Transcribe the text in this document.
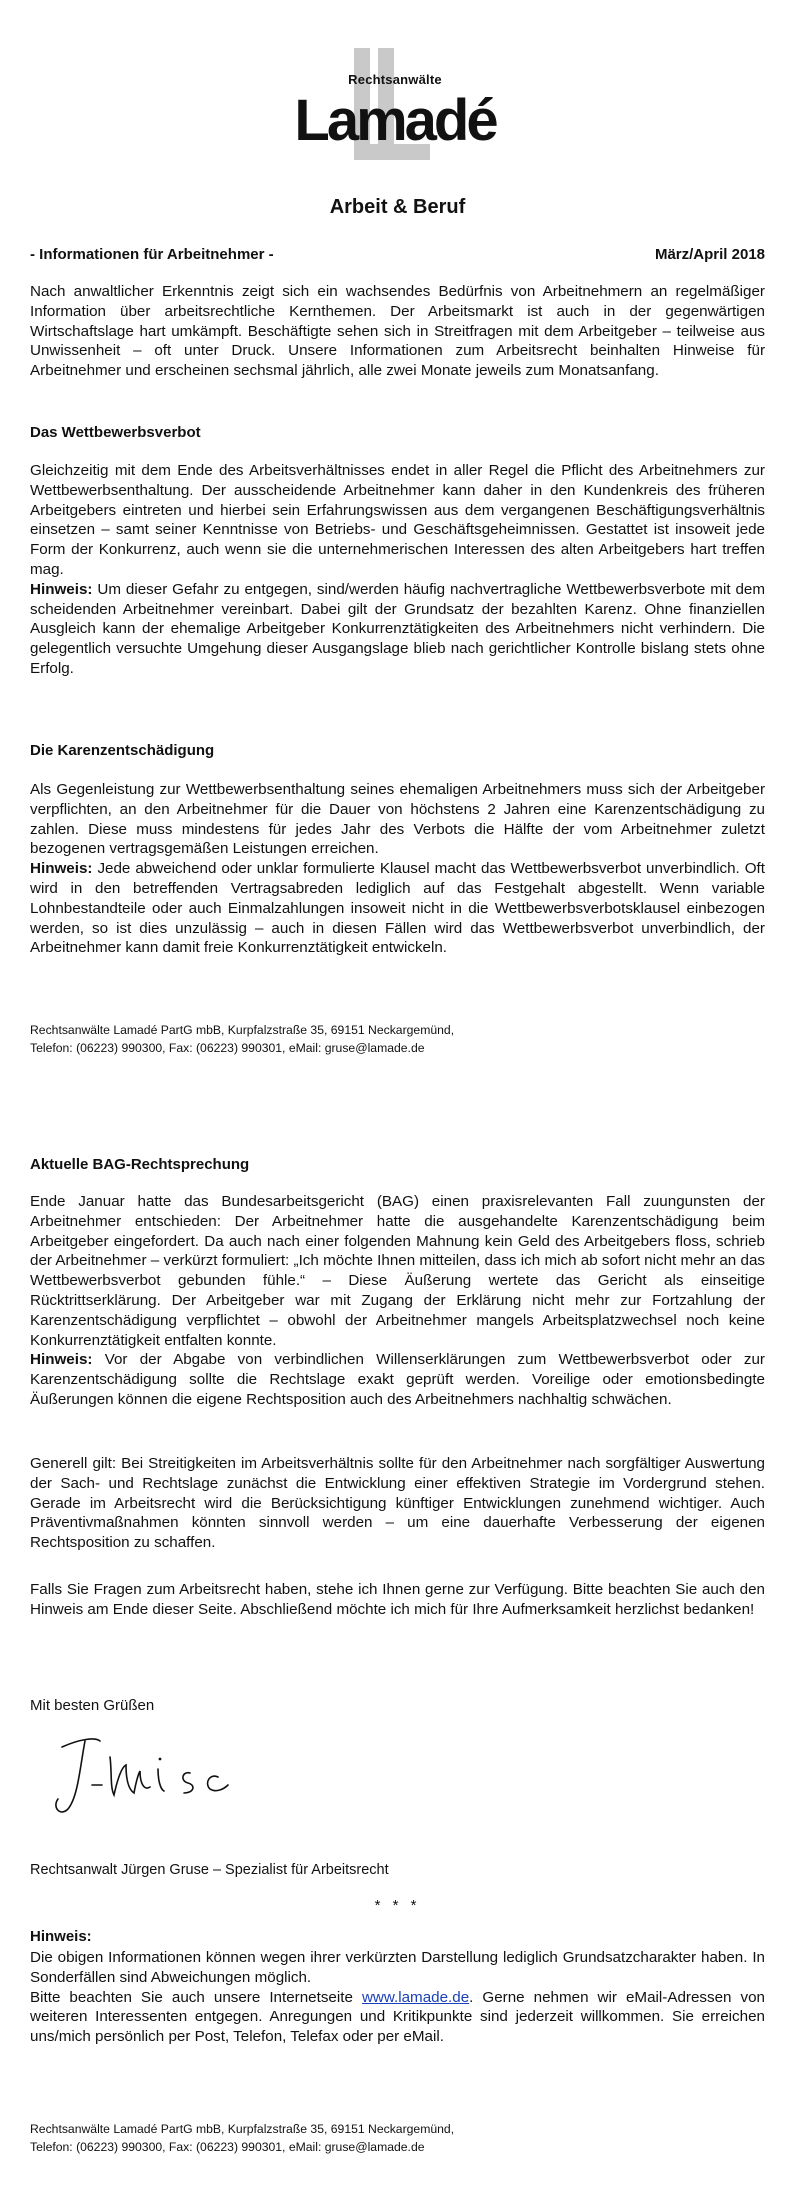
Rechtsanwälte
Lamadé
Arbeit & Beruf
- Informationen für Arbeitnehmer -	März/April 2018

Nach anwaltlicher Erkenntnis zeigt sich ein wachsendes Bedürfnis von Arbeitnehmern an regelmäßiger Information über arbeitsrechtliche Kernthemen. Der Arbeitsmarkt ist auch in der gegenwärtigen Wirtschaftslage hart umkämpft. Beschäftigte sehen sich in Streitfragen mit dem Arbeitgeber – teilweise aus Unwissenheit – oft unter Druck. Unsere Informationen zum Arbeitsrecht beinhalten Hinweise für Arbeitnehmer und erscheinen sechsmal jährlich, alle zwei Monate jeweils zum Monatsanfang.

Das Wettbewerbsverbot

Gleichzeitig mit dem Ende des Arbeitsverhältnisses endet in aller Regel die Pflicht des Arbeitnehmers zur Wettbewerbsenthaltung. Der ausscheidende Arbeitnehmer kann daher in den Kundenkreis des früheren Arbeitgebers eintreten und hierbei sein Erfahrungswissen aus dem vergangenen Beschäftigungsverhältnis einsetzen – samt seiner Kenntnisse von Betriebs- und Geschäftsgeheimnissen. Gestattet ist insoweit jede Form der Konkurrenz, auch wenn sie die unternehmerischen Interessen des alten Arbeitgebers hart treffen mag.

Hinweis: Um dieser Gefahr zu entgegen, sind/werden häufig nachvertragliche Wettbewerbsverbote mit dem scheidenden Arbeitnehmer vereinbart. Dabei gilt der Grundsatz der bezahlten Karenz. Ohne finanziellen Ausgleich kann der ehemalige Arbeitgeber Konkurrenztätigkeiten des Arbeitnehmers nicht verhindern. Die gelegentlich versuchte Umgehung dieser Ausgangslage blieb nach gerichtlicher Kontrolle bislang stets ohne Erfolg.

Die Karenzentschädigung

Als Gegenleistung zur Wettbewerbsenthaltung seines ehemaligen Arbeitnehmers muss sich der Arbeitgeber verpflichten, an den Arbeitnehmer für die Dauer von höchstens 2 Jahren eine Karenzentschädigung zu zahlen. Diese muss mindestens für jedes Jahr des Verbots die Hälfte der vom Arbeitnehmer zuletzt bezogenen vertragsgemäßen Leistungen erreichen.

Hinweis: Jede abweichend oder unklar formulierte Klausel macht das Wettbewerbsverbot unverbindlich. Oft wird in den betreffenden Vertragsabreden lediglich auf das Festgehalt abgestellt. Wenn variable Lohnbestandteile oder auch Einmalzahlungen insoweit nicht in die Wettbewerbsverbotsklausel einbezogen werden, so ist dies unzulässig – auch in diesen Fällen wird das Wettbewerbsverbot unverbindlich, der Arbeitnehmer kann damit freie Konkurrenztätigkeit entwickeln.

Rechtsanwälte Lamadé PartG mbB, Kurpfalzstraße 35, 69151 Neckargemünd,
Telefon: (06223) 990300, Fax: (06223) 990301, eMail: gruse@lamade.de
Aktuelle BAG-Rechtsprechung

Ende Januar hatte das Bundesarbeitsgericht (BAG) einen praxisrelevanten Fall zuungunsten der Arbeitnehmer entschieden: Der Arbeitnehmer hatte die ausgehandelte Karenzentschädigung beim Arbeitgeber eingefordert. Da auch nach einer folgenden Mahnung kein Geld des Arbeitgebers floss, schrieb der Arbeitnehmer – verkürzt formuliert: „Ich möchte Ihnen mitteilen, dass ich mich ab sofort nicht mehr an das Wettbewerbsverbot gebunden fühle.“ – Diese Äußerung wertete das Gericht als einseitige Rücktrittserklärung. Der Arbeitgeber war mit Zugang der Erklärung nicht mehr zur Fortzahlung der Karenzentschädigung verpflichtet – obwohl der Arbeitnehmer mangels Arbeitsplatzwechsel noch keine Konkurrenztätigkeit entfalten konnte.

Hinweis: Vor der Abgabe von verbindlichen Willenserklärungen zum Wettbewerbsverbot oder zur Karenzentschädigung sollte die Rechtslage exakt geprüft werden. Voreilige oder emotionsbedingte Äußerungen können die eigene Rechtsposition auch des Arbeitnehmers nachhaltig schwächen.

Generell gilt: Bei Streitigkeiten im Arbeitsverhältnis sollte für den Arbeitnehmer nach sorgfältiger Auswertung der Sach- und Rechtslage zunächst die Entwicklung einer effektiven Strategie im Vordergrund stehen. Gerade im Arbeitsrecht wird die Berücksichtigung künftiger Entwicklungen zunehmend wichtiger. Auch Präventivmaßnahmen könnten sinnvoll werden – um eine dauerhafte Verbesserung der eigenen Rechtsposition zu schaffen.

Falls Sie Fragen zum Arbeitsrecht haben, stehe ich Ihnen gerne zur Verfügung. Bitte beachten Sie auch den Hinweis am Ende dieser Seite. Abschließend möchte ich mich für Ihre Aufmerksamkeit herzlichst bedanken!

Mit besten Grüßen
J. Gruse
Rechtsanwalt Jürgen Gruse – Spezialist für Arbeitsrecht
* * *
Hinweis:

Die obigen Informationen können wegen ihrer verkürzten Darstellung lediglich Grundsatzcharakter haben. In Sonderfällen sind Abweichungen möglich.

Bitte beachten Sie auch unsere Internetseite www.lamade.de. Gerne nehmen wir eMail-Adressen von weiteren Interessenten entgegen. Anregungen und Kritikpunkte sind jederzeit willkommen. Sie erreichen uns/mich persönlich per Post, Telefon, Telefax oder per eMail.

Rechtsanwälte Lamadé PartG mbB, Kurpfalzstraße 35, 69151 Neckargemünd,
Telefon: (06223) 990300, Fax: (06223) 990301, eMail: gruse@lamade.de
